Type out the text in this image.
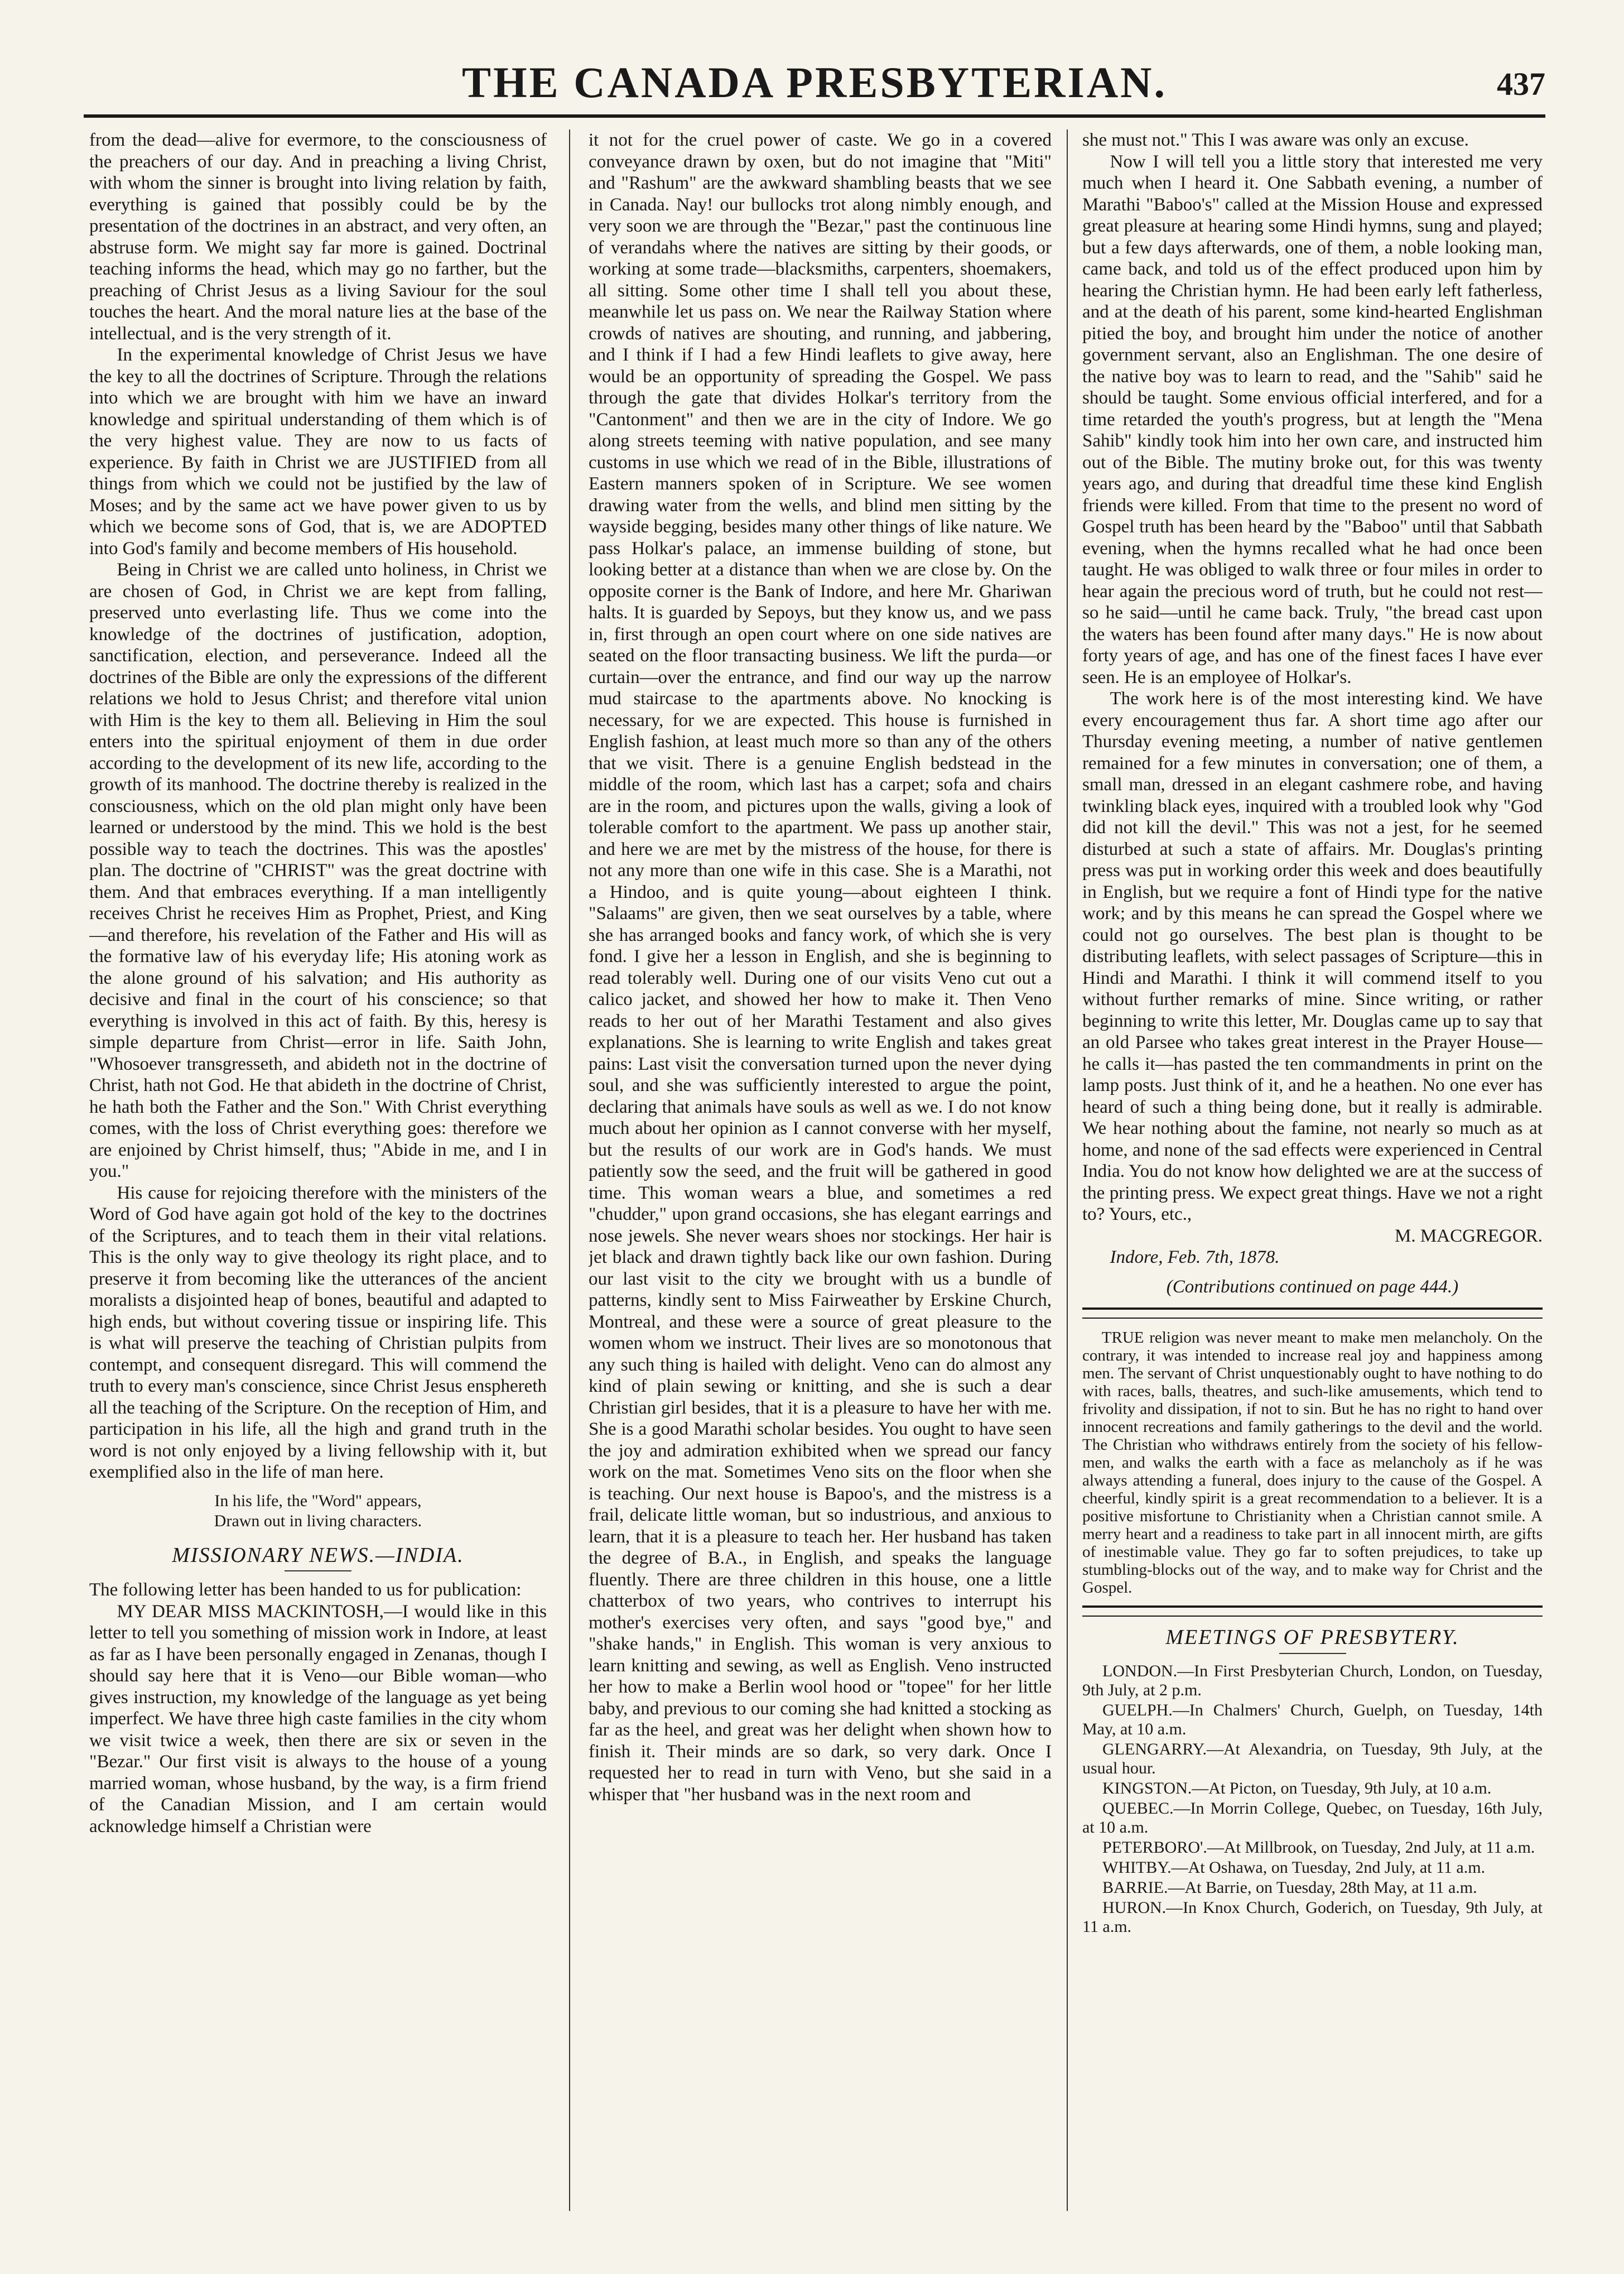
THE CANADA PRESBYTERIAN.	437

from the dead—alive for evermore, to the consciousness of the preachers of our day. And in preaching a living Christ, with whom the sinner is brought into living relation by faith, everything is gained that possibly could be by the presentation of the doctrines in an abstract, and very often, an abstruse form. We might say far more is gained. Doctrinal teaching informs the head, which may go no farther, but the preaching of Christ Jesus as a living Saviour for the soul touches the heart. And the moral nature lies at the base of the intellectual, and is the very strength of it.

In the experimental knowledge of Christ Jesus we have the key to all the doctrines of Scripture. Through the relations into which we are brought with him we have an inward knowledge and spiritual understanding of them which is of the very highest value. They are now to us facts of experience. By faith in Christ we are JUSTIFIED from all things from which we could not be justified by the law of Moses; and by the same act we have power given to us by which we become sons of God, that is, we are ADOPTED into God's family and become members of His household.

Being in Christ we are called unto holiness, in Christ we are chosen of God, in Christ we are kept from falling, preserved unto everlasting life. Thus we come into the knowledge of the doctrines of justification, adoption, sanctification, election, and perseverance. Indeed all the doctrines of the Bible are only the expressions of the different relations we hold to Jesus Christ; and therefore vital union with Him is the key to them all. Believing in Him the soul enters into the spiritual enjoyment of them in due order according to the development of its new life, according to the growth of its manhood. The doctrine thereby is realized in the consciousness, which on the old plan might only have been learned or understood by the mind. This we hold is the best possible way to teach the doctrines. This was the apostles' plan. The doctrine of "CHRIST" was the great doctrine with them. And that embraces everything. If a man intelligently receives Christ he receives Him as Prophet, Priest, and King—and therefore, his revelation of the Father and His will as the formative law of his everyday life; His atoning work as the alone ground of his salvation; and His authority as decisive and final in the court of his conscience; so that everything is involved in this act of faith. By this, heresy is simple departure from Christ—error in life. Saith John, "Whosoever transgresseth, and abideth not in the doctrine of Christ, hath not God. He that abideth in the doctrine of Christ, he hath both the Father and the Son." With Christ everything comes, with the loss of Christ everything goes: therefore we are enjoined by Christ himself, thus; "Abide in me, and I in you."

His cause for rejoicing therefore with the ministers of the Word of God have again got hold of the key to the doctrines of the Scriptures, and to teach them in their vital relations. This is the only way to give theology its right place, and to preserve it from becoming like the utterances of the ancient moralists a disjointed heap of bones, beautiful and adapted to high ends, but without covering tissue or inspiring life. This is what will preserve the teaching of Christian pulpits from contempt, and consequent disregard. This will commend the truth to every man's conscience, since Christ Jesus ensphereth all the teaching of the Scripture. On the reception of Him, and participation in his life, all the high and grand truth in the word is not only enjoyed by a living fellowship with it, but exemplified also in the life of man here.

In his life, the "Word" appears,
Drawn out in living characters.
MISSIONARY NEWS.—INDIA.

The following letter has been handed to us for publication:

MY DEAR MISS MACKINTOSH,—I would like in this letter to tell you something of mission work in Indore, at least as far as I have been personally engaged in Zenanas, though I should say here that it is Veno—our Bible woman—who gives instruction, my knowledge of the language as yet being imperfect. We have three high caste families in the city whom we visit twice a week, then there are six or seven in the "Bezar." Our first visit is always to the house of a young married woman, whose husband, by the way, is a firm friend of the Canadian Mission, and I am certain would acknowledge himself a Christian were

it not for the cruel power of caste. We go in a covered conveyance drawn by oxen, but do not imagine that "Miti" and "Rashum" are the awkward shambling beasts that we see in Canada. Nay! our bullocks trot along nimbly enough, and very soon we are through the "Bezar," past the continuous line of verandahs where the natives are sitting by their goods, or working at some trade—blacksmiths, carpenters, shoemakers, all sitting. Some other time I shall tell you about these, meanwhile let us pass on. We near the Railway Station where crowds of natives are shouting, and running, and jabbering, and I think if I had a few Hindi leaflets to give away, here would be an opportunity of spreading the Gospel. We pass through the gate that divides Holkar's territory from the "Cantonment" and then we are in the city of Indore. We go along streets teeming with native population, and see many customs in use which we read of in the Bible, illustrations of Eastern manners spoken of in Scripture. We see women drawing water from the wells, and blind men sitting by the wayside begging, besides many other things of like nature. We pass Holkar's palace, an immense building of stone, but looking better at a distance than when we are close by. On the opposite corner is the Bank of Indore, and here Mr. Ghariwan halts. It is guarded by Sepoys, but they know us, and we pass in, first through an open court where on one side natives are seated on the floor transacting business. We lift the purda—or curtain—over the entrance, and find our way up the narrow mud staircase to the apartments above. No knocking is necessary, for we are expected. This house is furnished in English fashion, at least much more so than any of the others that we visit. There is a genuine English bedstead in the middle of the room, which last has a carpet; sofa and chairs are in the room, and pictures upon the walls, giving a look of tolerable comfort to the apartment. We pass up another stair, and here we are met by the mistress of the house, for there is not any more than one wife in this case. She is a Marathi, not a Hindoo, and is quite young—about eighteen I think. "Salaams" are given, then we seat ourselves by a table, where she has arranged books and fancy work, of which she is very fond. I give her a lesson in English, and she is beginning to read tolerably well. During one of our visits Veno cut out a calico jacket, and showed her how to make it. Then Veno reads to her out of her Marathi Testament and also gives explanations. She is learning to write English and takes great pains: Last visit the conversation turned upon the never dying soul, and she was sufficiently interested to argue the point, declaring that animals have souls as well as we. I do not know much about her opinion as I cannot converse with her myself, but the results of our work are in God's hands. We must patiently sow the seed, and the fruit will be gathered in good time. This woman wears a blue, and sometimes a red "chudder," upon grand occasions, she has elegant earrings and nose jewels. She never wears shoes nor stockings. Her hair is jet black and drawn tightly back like our own fashion. During our last visit to the city we brought with us a bundle of patterns, kindly sent to Miss Fairweather by Erskine Church, Montreal, and these were a source of great pleasure to the women whom we instruct. Their lives are so monotonous that any such thing is hailed with delight. Veno can do almost any kind of plain sewing or knitting, and she is such a dear Christian girl besides, that it is a pleasure to have her with me. She is a good Marathi scholar besides. You ought to have seen the joy and admiration exhibited when we spread our fancy work on the mat. Sometimes Veno sits on the floor when she is teaching. Our next house is Bapoo's, and the mistress is a frail, delicate little woman, but so industrious, and anxious to learn, that it is a pleasure to teach her. Her husband has taken the degree of B.A., in English, and speaks the language fluently. There are three children in this house, one a little chatterbox of two years, who contrives to interrupt his mother's exercises very often, and says "good bye," and "shake hands," in English. This woman is very anxious to learn knitting and sewing, as well as English. Veno instructed her how to make a Berlin wool hood or "topee" for her little baby, and previous to our coming she had knitted a stocking as far as the heel, and great was her delight when shown how to finish it. Their minds are so dark, so very dark. Once I requested her to read in turn with Veno, but she said in a whisper that "her husband was in the next room and

she must not." This I was aware was only an excuse.

Now I will tell you a little story that interested me very much when I heard it. One Sabbath evening, a number of Marathi "Baboo's" called at the Mission House and expressed great pleasure at hearing some Hindi hymns, sung and played; but a few days afterwards, one of them, a noble looking man, came back, and told us of the effect produced upon him by hearing the Christian hymn. He had been early left fatherless, and at the death of his parent, some kind-hearted Englishman pitied the boy, and brought him under the notice of another government servant, also an Englishman. The one desire of the native boy was to learn to read, and the "Sahib" said he should be taught. Some envious official interfered, and for a time retarded the youth's progress, but at length the "Mena Sahib" kindly took him into her own care, and instructed him out of the Bible. The mutiny broke out, for this was twenty years ago, and during that dreadful time these kind English friends were killed. From that time to the present no word of Gospel truth has been heard by the "Baboo" until that Sabbath evening, when the hymns recalled what he had once been taught. He was obliged to walk three or four miles in order to hear again the precious word of truth, but he could not rest—so he said—until he came back. Truly, "the bread cast upon the waters has been found after many days." He is now about forty years of age, and has one of the finest faces I have ever seen. He is an employee of Holkar's.

The work here is of the most interesting kind. We have every encouragement thus far. A short time ago after our Thursday evening meeting, a number of native gentlemen remained for a few minutes in conversation; one of them, a small man, dressed in an elegant cashmere robe, and having twinkling black eyes, inquired with a troubled look why "God did not kill the devil." This was not a jest, for he seemed disturbed at such a state of affairs. Mr. Douglas's printing press was put in working order this week and does beautifully in English, but we require a font of Hindi type for the native work; and by this means he can spread the Gospel where we could not go ourselves. The best plan is thought to be distributing leaflets, with select passages of Scripture—this in Hindi and Marathi. I think it will commend itself to you without further remarks of mine. Since writing, or rather beginning to write this letter, Mr. Douglas came up to say that an old Parsee who takes great interest in the Prayer House—he calls it—has pasted the ten commandments in print on the lamp posts. Just think of it, and he a heathen. No one ever has heard of such a thing being done, but it really is admirable. We hear nothing about the famine, not nearly so much as at home, and none of the sad effects were experienced in Central India. You do not know how delighted we are at the success of the printing press. We expect great things. Have we not a right to? Yours, etc.,

M. MACGREGOR.

Indore, Feb. 7th, 1878.

(Contributions continued on page 444.)

TRUE religion was never meant to make men melancholy. On the contrary, it was intended to increase real joy and happiness among men. The servant of Christ unquestionably ought to have nothing to do with races, balls, theatres, and such-like amusements, which tend to frivolity and dissipation, if not to sin. But he has no right to hand over innocent recreations and family gatherings to the devil and the world. The Christian who withdraws entirely from the society of his fellow-men, and walks the earth with a face as melancholy as if he was always attending a funeral, does injury to the cause of the Gospel. A cheerful, kindly spirit is a great recommendation to a believer. It is a positive misfortune to Christianity when a Christian cannot smile. A merry heart and a readiness to take part in all innocent mirth, are gifts of inestimable value. They go far to soften prejudices, to take up stumbling-blocks out of the way, and to make way for Christ and the Gospel.

MEETINGS OF PRESBYTERY.

LONDON.—In First Presbyterian Church, London, on Tuesday, 9th July, at 2 p.m.

GUELPH.—In Chalmers' Church, Guelph, on Tuesday, 14th May, at 10 a.m.

GLENGARRY.—At Alexandria, on Tuesday, 9th July, at the usual hour.

KINGSTON.—At Picton, on Tuesday, 9th July, at 10 a.m.

QUEBEC.—In Morrin College, Quebec, on Tuesday, 16th July, at 10 a.m.

PETERBORO'.—At Millbrook, on Tuesday, 2nd July, at 11 a.m.

WHITBY.—At Oshawa, on Tuesday, 2nd July, at 11 a.m.

BARRIE.—At Barrie, on Tuesday, 28th May, at 11 a.m.

HURON.—In Knox Church, Goderich, on Tuesday, 9th July, at 11 a.m.
